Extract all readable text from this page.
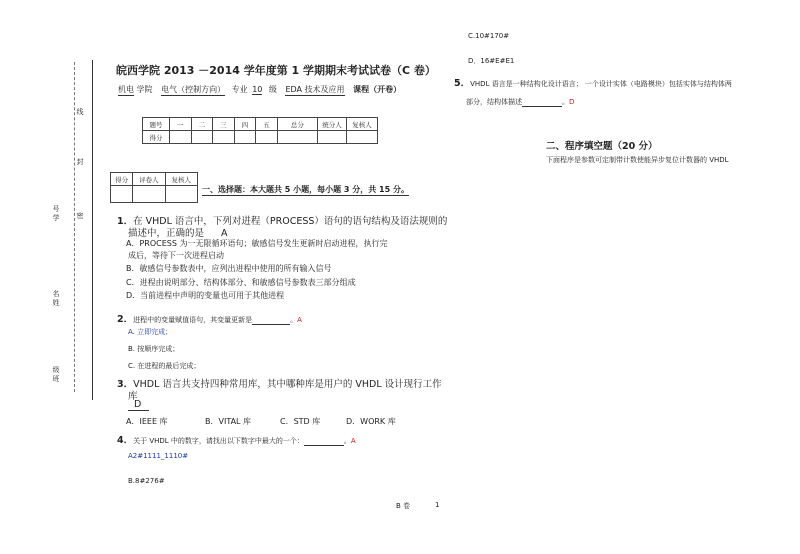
线
封
密
号学
名姓
级班
皖西学院 2013 －2014 学年度第 1 学期期末考试试卷（C 卷）
机电 学院 电气（控制方向） 专业 10 级 EDA 技术及应用 课程（开卷）
题号	一	二	三	四	五	总分	统分人	复核人
得分								
得分	评卷人	复核人

一、选择题：本大题共 5 小题，每小题 3 分，共 15 分。
1．在 VHDL 语言中，下列对进程（PROCESS）语句的语句结构及语法规则的
描述中，正确的是 A
A．PROCESS 为一无限循环语句；敏感信号发生更新时启动进程，执行完
成后，等待下一次进程启动
B．敏感信号参数表中，应列出进程中使用的所有输入信号
C．进程由说明部分、结构体部分、和敏感信号参数表三部分组成
D．当前进程中声明的变量也可用于其他进程
2．进程中的变量赋值语句，其变量更新是	。A
A. 立即完成；
B. 按顺序完成；
C. 在进程的最后完成；
3．VHDL 语言共支持四种常用库，其中哪种库是用户的 VHDL 设计现行工作
库
D
A．IEEE 库	B．VITAL 库	C．STD 库	D．WORK 库
4．关于 VHDL 中的数字，请找出以下数字中最大的一个：	。A
A2#1111_1110#
B.8#276#
C.10#170#
D．16#E#E1
5．VHDL 语言是一种结构化设计语言； 一个设计实体（电路模块）包括实体与结构体两
部分，结构体描述	。D
二、程序填空题（20 分）
下面程序是参数可定制带计数使能异步复位计数器的 VHDL
B 卷	1
